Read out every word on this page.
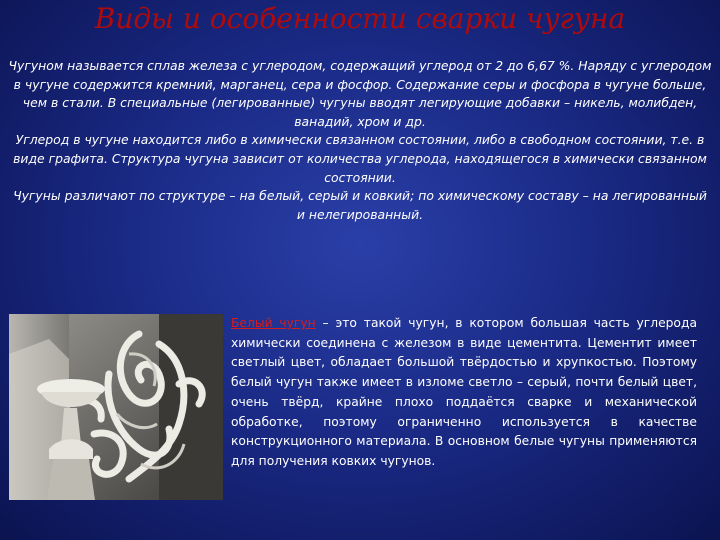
Виды и особенности сварки чугуна

Чугуном называется сплав железа с углеродом, содержащий углерод от 2 до 6,67 %. Наряду с углеродом в чугуне содержится кремний, марганец, сера и фосфор. Содержание серы и фосфора в чугуне больше, чем в стали. В специальные (легированные) чугуны вводят легирующие добавки – никель, молибден, ванадий, хром и др.

Углерод в чугуне находится либо в химически связанном состоянии, либо в свободном состоянии, т.е. в виде графита. Структура чугуна зависит от количества углерода, находящегося в химически связанном состоянии.

Чугуны различают по структуре – на белый, серый и ковкий; по химическому составу – на легированный и нелегированный.

Белый чугун – это такой чугун, в котором большая часть углерода химически соединена с железом в виде цементита. Цементит имеет светлый цвет, обладает большой твёрдостью и хрупкостью. Поэтому белый чугун также имеет в изломе светло – серый, почти белый цвет, очень твёрд, крайне плохо поддаётся сварке и механической обработке, поэтому ограниченно используется в качестве конструкционного материала. В основном белые чугуны применяются для получения ковких чугунов.
